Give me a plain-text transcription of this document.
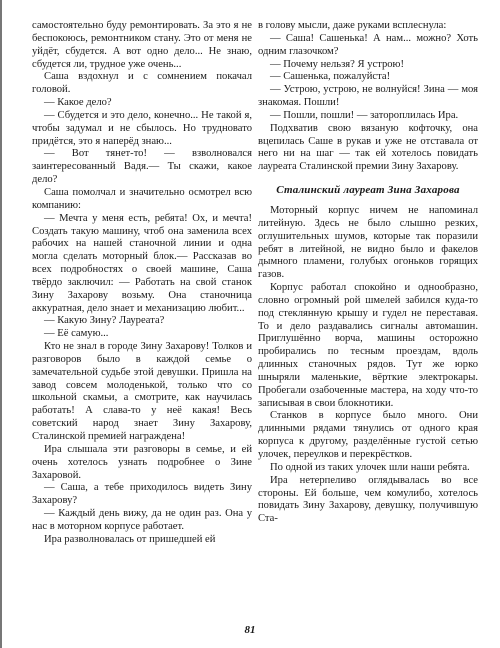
самостоятельно буду ремонтировать. За это я не беспокоюсь, ремонтником стану. Это от меня не уйдёт, сбудется. А вот одно дело... Не знаю, сбудется ли, трудное уже очень...

Саша вздохнул и с сомнением покачал головой.

— Какое дело?

— Сбудется и это дело, конечно... Не такой я, чтобы задумал и не сбылось. Но трудновато придётся, это я наперёд знаю...

— Вот тянет-то! — взволновался заинтересованный Вадя.— Ты скажи, какое дело?

Саша помолчал и значительно осмотрел всю компанию:

— Мечта у меня есть, ребята! Ох, и мечта! Создать такую машину, чтоб она заменила всех рабочих на нашей станочной линии и одна могла сделать моторный блок.— Рассказав во всех подробностях о своей машине, Саша твёрдо заключил: — Работать на свой станок Зину Захарову возьму. Она станочница аккуратная, дело знает и механизацию любит...

— Какую Зину? Лауреата?

— Её самую...

Кто не знал в городе Зину Захарову! Толков и разговоров было в каждой семье о замечательной судьбе этой девушки. Пришла на завод совсем молоденькой, только что со школьной скамьи, а смотрите, как научилась работать! А слава-то у неё какая! Весь советский народ знает Зину Захарову, Сталинской премией награждена!

Ира слышала эти разговоры в семье, и ей очень хотелось узнать подробнее о Зине Захаровой.

— Саша, а тебе приходилось видеть Зину Захарову?

— Каждый день вижу, да не один раз. Она у нас в моторном корпусе работает.

Ира разволновалась от пришедшей ей

в голову мысли, даже руками всплеснула:

— Саша! Сашенька! А нам... можно? Хоть одним глазочком?

— Почему нельзя? Я устрою!

— Сашенька, пожалуйста!

— Устрою, устрою, не волнуйся! Зина — моя знакомая. Пошли!

— Пошли, пошли! — затороплилась Ира.

Подхватив свою вязаную кофточку, она вцепилась Саше в рукав и уже не отставала от него ни на шаг — так ей хотелось повидать лауреата Сталинской премии Зину Захарову.

Сталинский лауреат Зина Захарова

Моторный корпус ничем не напоминал литейную. Здесь не было слышно резких, оглушительных шумов, которые так поразили ребят в литейной, не видно было и факелов дымного пламени, голубых огоньков горящих газов.

Корпус работал спокойно и однообразно, словно огромный рой шмелей забился куда-то под стеклянную крышу и гудел не переставая. То и дело раздавались сигналы автомашин. Приглушённо ворча, машины осторожно пробирались по тесным проездам, вдоль длинных станочных рядов. Тут же юрко шныряли маленькие, вёрткие электрокары. Пробегали озабоченные мастера, на ходу что-то записывая в свои блокнотики.

Станков в корпусе было много. Они длинными рядами тянулись от одного края корпуса к другому, разделённые густой сетью улочек, переулков и перекрёстков.

По одной из таких улочек шли наши ребята.

Ира нетерпеливо оглядывалась во все стороны. Ей больше, чем комулибо, хотелось повидать Зину Захарову, девушку, получившую Ста-

81
